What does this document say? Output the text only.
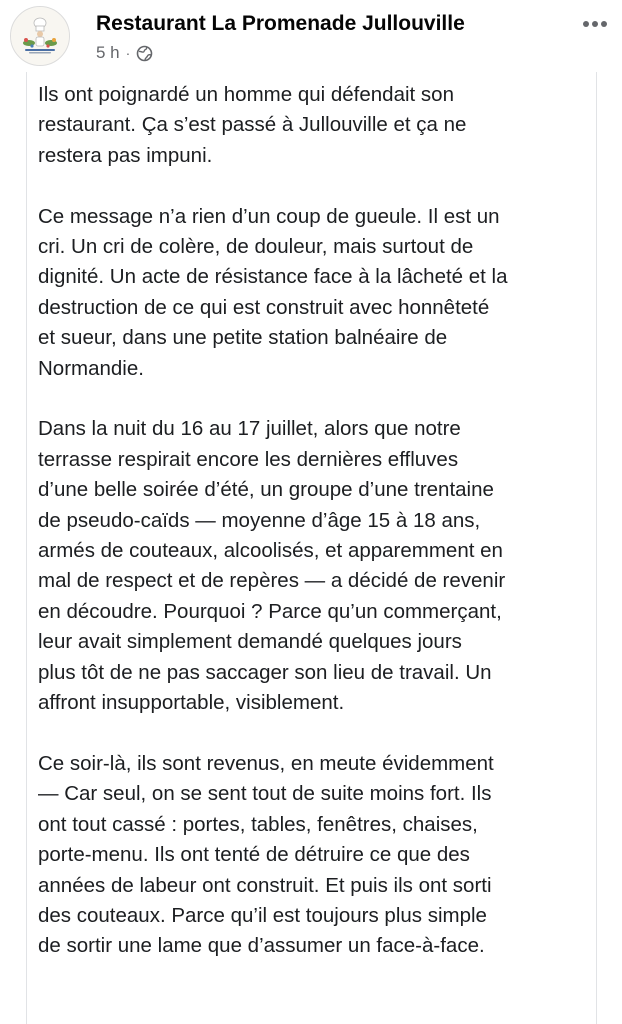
Restaurant La Promenade Jullouville
5 h ·

Ils ont poignardé un homme qui défendait son
restaurant. Ça s’est passé à Jullouville et ça ne
restera pas impuni.

Ce message n’a rien d’un coup de gueule. Il est un
cri. Un cri de colère, de douleur, mais surtout de
dignité. Un acte de résistance face à la lâcheté et la
destruction de ce qui est construit avec honnêteté
et sueur, dans une petite station balnéaire de
Normandie.

Dans la nuit du 16 au 17 juillet, alors que notre
terrasse respirait encore les dernières effluves
d’une belle soirée d’été, un groupe d’une trentaine
de pseudo-caïds — moyenne d’âge 15 à 18 ans,
armés de couteaux, alcoolisés, et apparemment en
mal de respect et de repères — a décidé de revenir
en découdre. Pourquoi ? Parce qu’un commerçant,
leur avait simplement demandé quelques jours
plus tôt de ne pas saccager son lieu de travail. Un
affront insupportable, visiblement.

Ce soir-là, ils sont revenus, en meute évidemment
— Car seul, on se sent tout de suite moins fort. Ils
ont tout cassé : portes, tables, fenêtres, chaises,
porte-menu. Ils ont tenté de détruire ce que des
années de labeur ont construit. Et puis ils ont sorti
des couteaux. Parce qu’il est toujours plus simple
de sortir une lame que d’assumer un face-à-face.
